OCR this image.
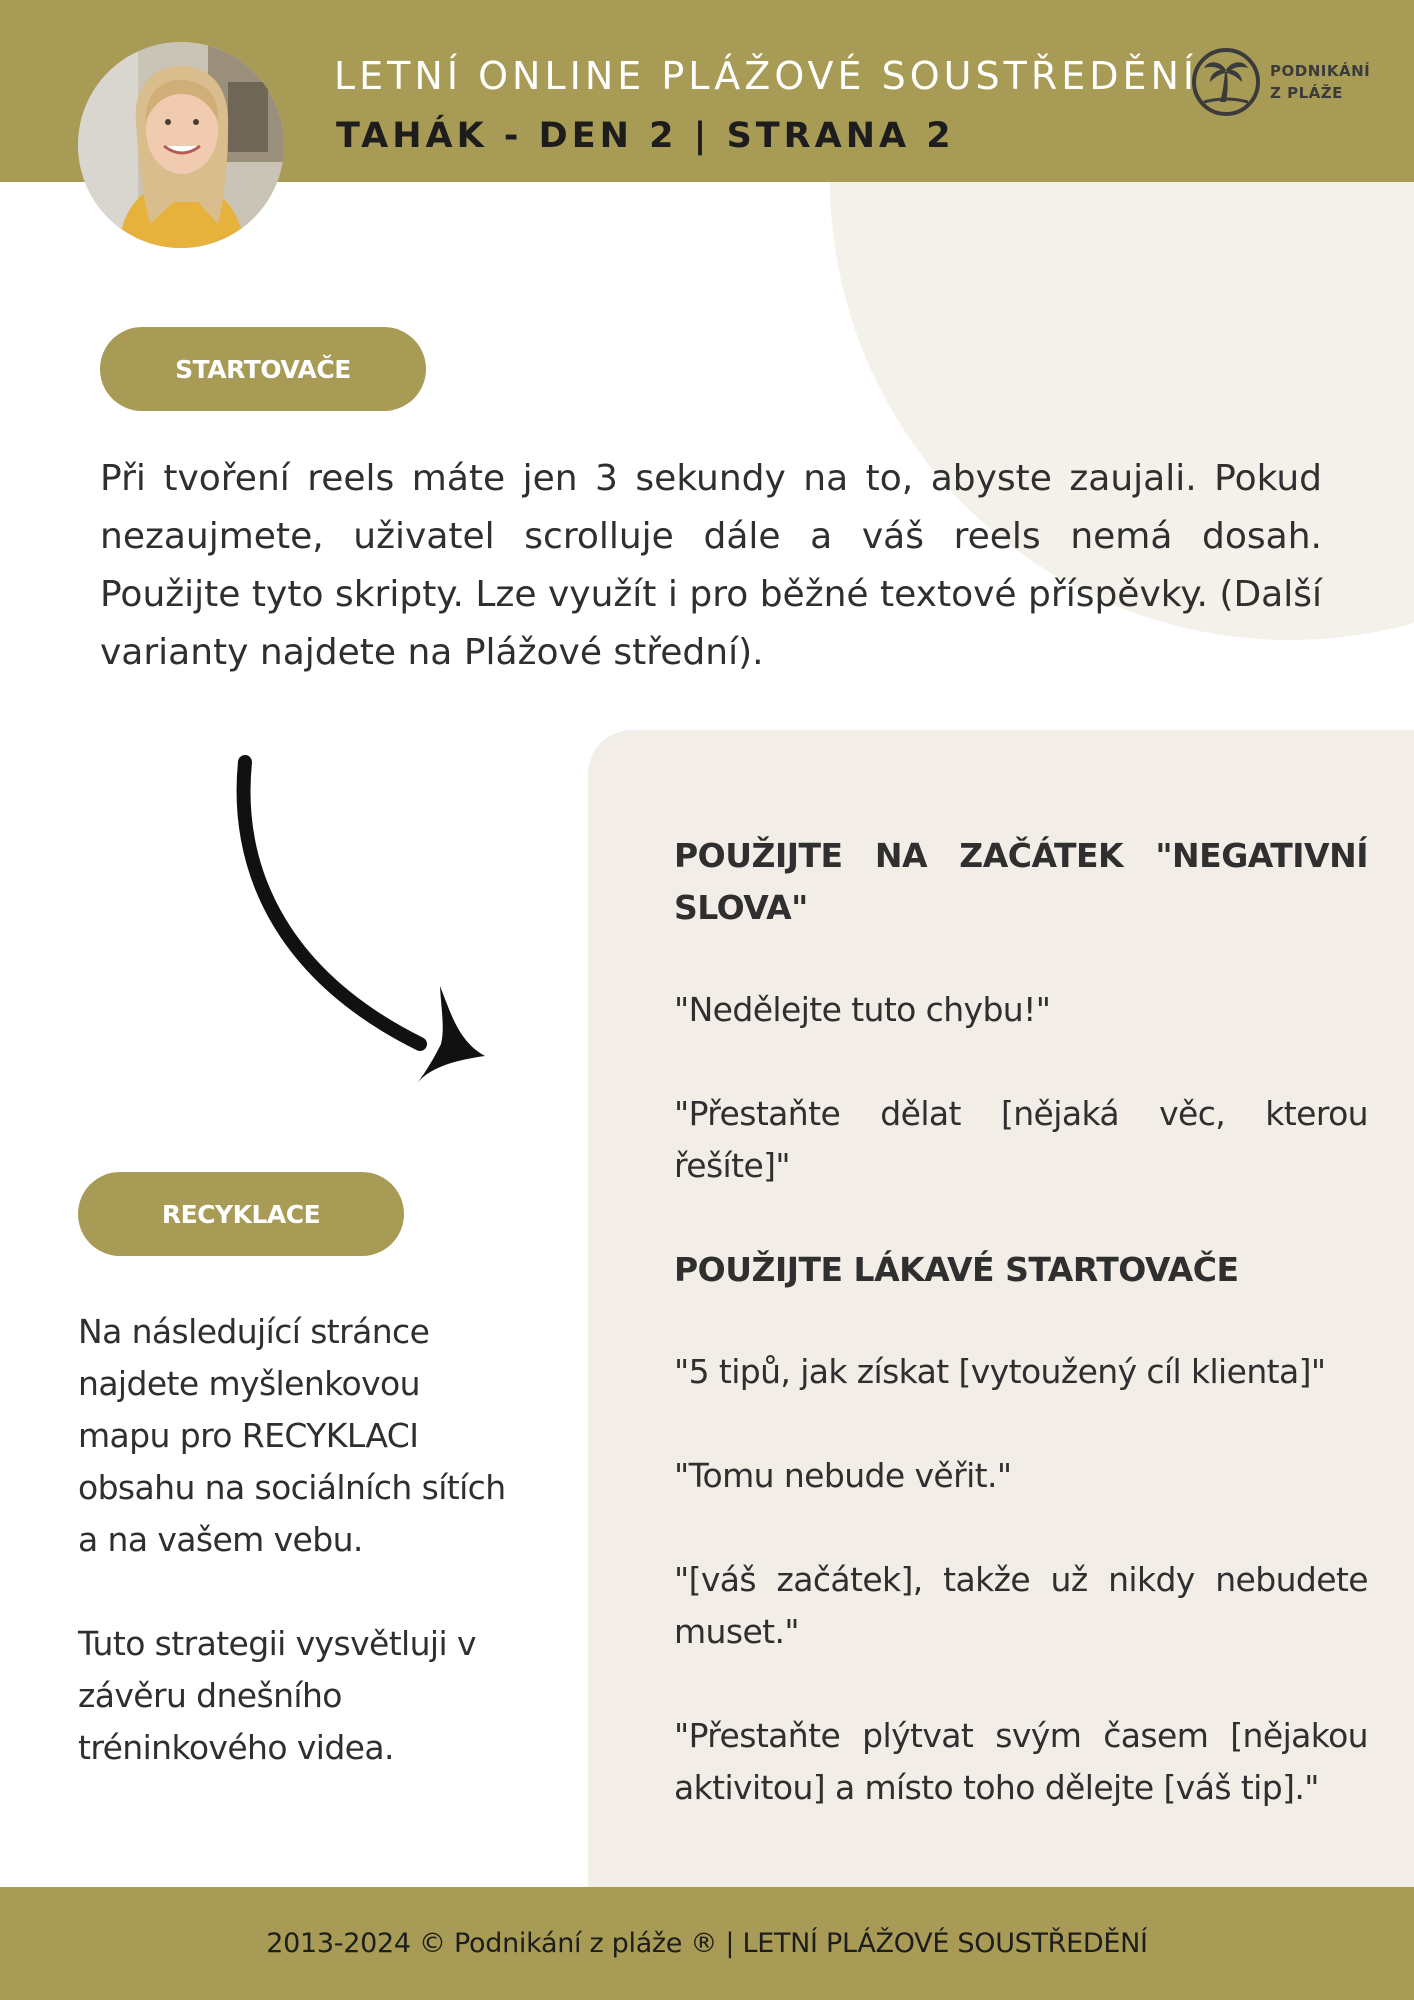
LETNÍ ONLINE PLÁŽOVÉ SOUSTŘEDĚNÍ
TAHÁK - DEN 2 | STRANA 2
PODNIKÁNÍ
Z PLÁŽE
STARTOVAČE

Při tvoření reels máte jen 3 sekundy na to, abyste zaujali. Pokud nezaujmete, uživatel scrolluje dále a váš reels nemá dosah. Použijte tyto skripty. Lze využít i pro běžné textové příspěvky. (Další varianty najdete na Plážové střední).

RECYKLACE

Na následující stránce najdete myšlenkovou mapu pro RECYKLACI obsahu na sociálních sítích a na vašem vebu.

Tuto strategii vysvětluji v závěru dnešního tréninkového videa.

POUŽIJTE NA ZAČÁTEK "NEGATIVNÍ SLOVA"

"Nedělejte tuto chybu!"

"Přestaňte dělat [nějaká věc, kterou řešíte]"

POUŽIJTE LÁKAVÉ STARTOVAČE

"5 tipů, jak získat [vytoužený cíl klienta]"

"Tomu nebude věřit."

"[váš začátek], takže už nikdy nebudete muset."

"Přestaňte plýtvat svým časem [nějakou aktivitou] a místo toho dělejte [váš tip]."

2013-2024 © Podnikání z pláže ® | LETNÍ PLÁŽOVÉ SOUSTŘEDĚNÍ
